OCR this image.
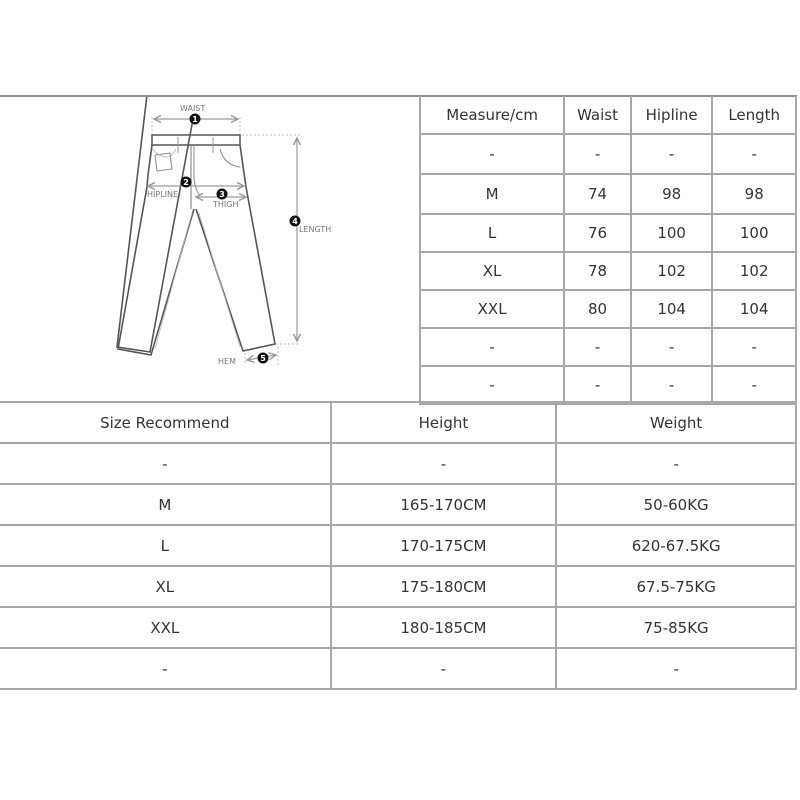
1
2
3
4
5
WAIST
HIPLINE
THIGH
LENGTH
HEM
Measure/cm	Waist	Hipline	Length
-	-	-	-
M	74	98	98
L	76	100	100
XL	78	102	102
XXL	80	104	104
-	-	-	-
-	-	-	-
Size Recommend	Height	Weight
-	-	-
M	165-170CM	50-60KG
L	170-175CM	620-67.5KG
XL	175-180CM	67.5-75KG
XXL	180-185CM	75-85KG
-	-	-
